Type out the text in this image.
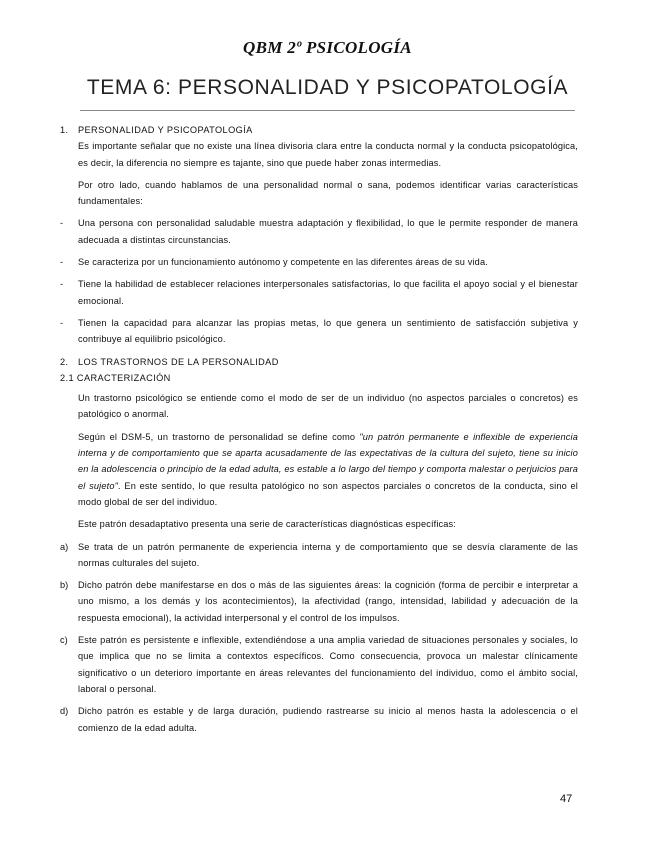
QBM 2º PSICOLOGÍA
TEMA 6: PERSONALIDAD Y PSICOPATOLOGÍA
1.	PERSONALIDAD Y PSICOPATOLOGÍA

Es importante señalar que no existe una línea divisoria clara entre la conducta normal y la conducta psicopatológica, es decir, la diferencia no siempre es tajante, sino que puede haber zonas intermedias.

Por otro lado, cuando hablamos de una personalidad normal o sana, podemos identificar varias características fundamentales:

-	Una persona con personalidad saludable muestra adaptación y flexibilidad, lo que le permite responder de manera adecuada a distintas circunstancias.
-	Se caracteriza por un funcionamiento autónomo y competente en las diferentes áreas de su vida.
-	Tiene la habilidad de establecer relaciones interpersonales satisfactorias, lo que facilita el apoyo social y el bienestar emocional.
-	Tienen la capacidad para alcanzar las propias metas, lo que genera un sentimiento de satisfacción subjetiva y contribuye al equilibrio psicológico.
2.	LOS TRASTORNOS DE LA PERSONALIDAD
2.1 CARACTERIZACIÓN

Un trastorno psicológico se entiende como el modo de ser de un individuo (no aspectos parciales o concretos) es patológico o anormal.

Según el DSM-5, un trastorno de personalidad se define como "un patrón permanente e inflexible de experiencia interna y de comportamiento que se aparta acusadamente de las expectativas de la cultura del sujeto, tiene su inicio en la adolescencia o principio de la edad adulta, es estable a lo largo del tiempo y comporta malestar o perjuicios para el sujeto". En este sentido, lo que resulta patológico no son aspectos parciales o concretos de la conducta, sino el modo global de ser del individuo.

Este patrón desadaptativo presenta una serie de características diagnósticas específicas:

a)	Se trata de un patrón permanente de experiencia interna y de comportamiento que se desvía claramente de las normas culturales del sujeto.
b)	Dicho patrón debe manifestarse en dos o más de las siguientes áreas: la cognición (forma de percibir e interpretar a uno mismo, a los demás y los acontecimientos), la afectividad (rango, intensidad, labilidad y adecuación de la respuesta emocional), la actividad interpersonal y el control de los impulsos.
c)	Este patrón es persistente e inflexible, extendiéndose a una amplia variedad de situaciones personales y sociales, lo que implica que no se limita a contextos específicos. Como consecuencia, provoca un malestar clínicamente significativo o un deterioro importante en áreas relevantes del funcionamiento del individuo, como el ámbito social, laboral o personal.
d)	Dicho patrón es estable y de larga duración, pudiendo rastrearse su inicio al menos hasta la adolescencia o el comienzo de la edad adulta.
47
